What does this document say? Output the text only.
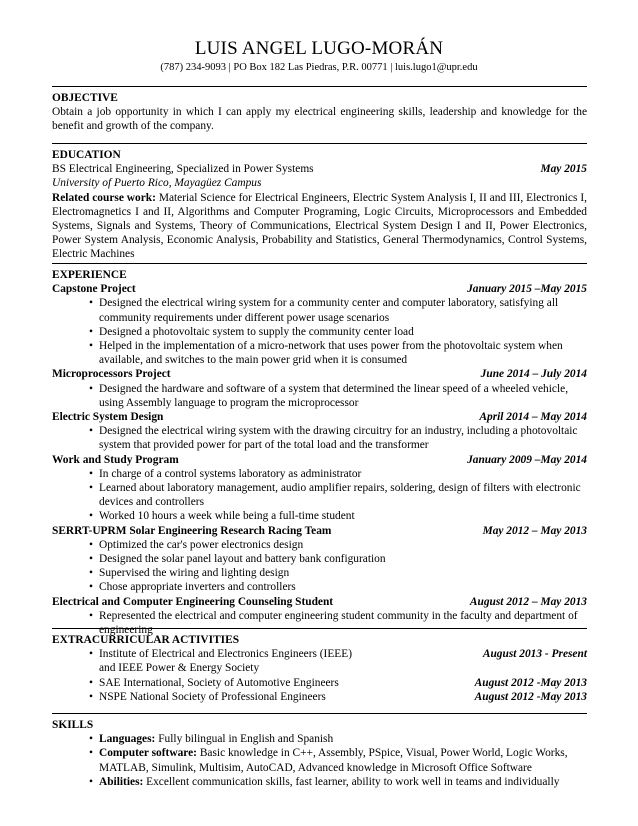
LUIS ANGEL LUGO-MORÁN
(787) 234-9093 | PO Box 182 Las Piedras, P.R. 00771 | luis.lugo1@upr.edu
OBJECTIVE
Obtain a job opportunity in which I can apply my electrical engineering skills, leadership and knowledge for the benefit and growth of the company.
EDUCATION
BS Electrical Engineering, Specialized in Power Systems	May 2015
University of Puerto Rico, Mayagüez Campus
Related course work: Material Science for Electrical Engineers, Electric System Analysis I, II and III, Electronics I, Electromagnetics I and II, Algorithms and Computer Programing, Logic Circuits, Microprocessors and Embedded Systems, Signals and Systems, Theory of Communications, Electrical System Design I and II, Power Electronics, Power System Analysis, Economic Analysis, Probability and Statistics, General Thermodynamics, Control Systems, Electric Machines
EXPERIENCE
Capstone Project	January 2015 –May 2015
• Designed the electrical wiring system for a community center and computer laboratory, satisfying all community requirements under different power usage scenarios
• Designed a photovoltaic system to supply the community center load
• Helped in the implementation of a micro-network that uses power from the photovoltaic system when available, and switches to the main power grid when it is consumed
Microprocessors Project	June 2014 – July 2014
• Designed the hardware and software of a system that determined the linear speed of a wheeled vehicle, using Assembly language to program the microprocessor
Electric System Design	April 2014 – May 2014
• Designed the electrical wiring system with the drawing circuitry for an industry, including a photovoltaic system that provided power for part of the total load and the transformer
Work and Study Program	January 2009 –May 2014
• In charge of a control systems laboratory as administrator
• Learned about laboratory management, audio amplifier repairs, soldering, design of filters with electronic devices and controllers
• Worked 10 hours a week while being a full-time student
SERRT-UPRM Solar Engineering Research Racing Team	May 2012 – May 2013
• Optimized the car's power electronics design
• Designed the solar panel layout and battery bank configuration
• Supervised the wiring and lighting design
• Chose appropriate inverters and controllers
Electrical and Computer Engineering Counseling Student	August 2012 – May 2013
• Represented the electrical and computer engineering student community in the faculty and department of engineering
EXTRACURRICULAR ACTIVITIES
• Institute of Electrical and Electronics Engineers (IEEE)	August 2013 - Present
and IEEE Power & Energy Society
• SAE International, Society of Automotive Engineers	August 2012 -May 2013
• NSPE National Society of Professional Engineers	August 2012 -May 2013
SKILLS
• Languages: Fully bilingual in English and Spanish
• Computer software: Basic knowledge in C++, Assembly, PSpice, Visual, Power World, Logic Works, MATLAB, Simulink, Multisim, AutoCAD, Advanced knowledge in Microsoft Office Software
• Abilities: Excellent communication skills, fast learner, ability to work well in teams and individually
